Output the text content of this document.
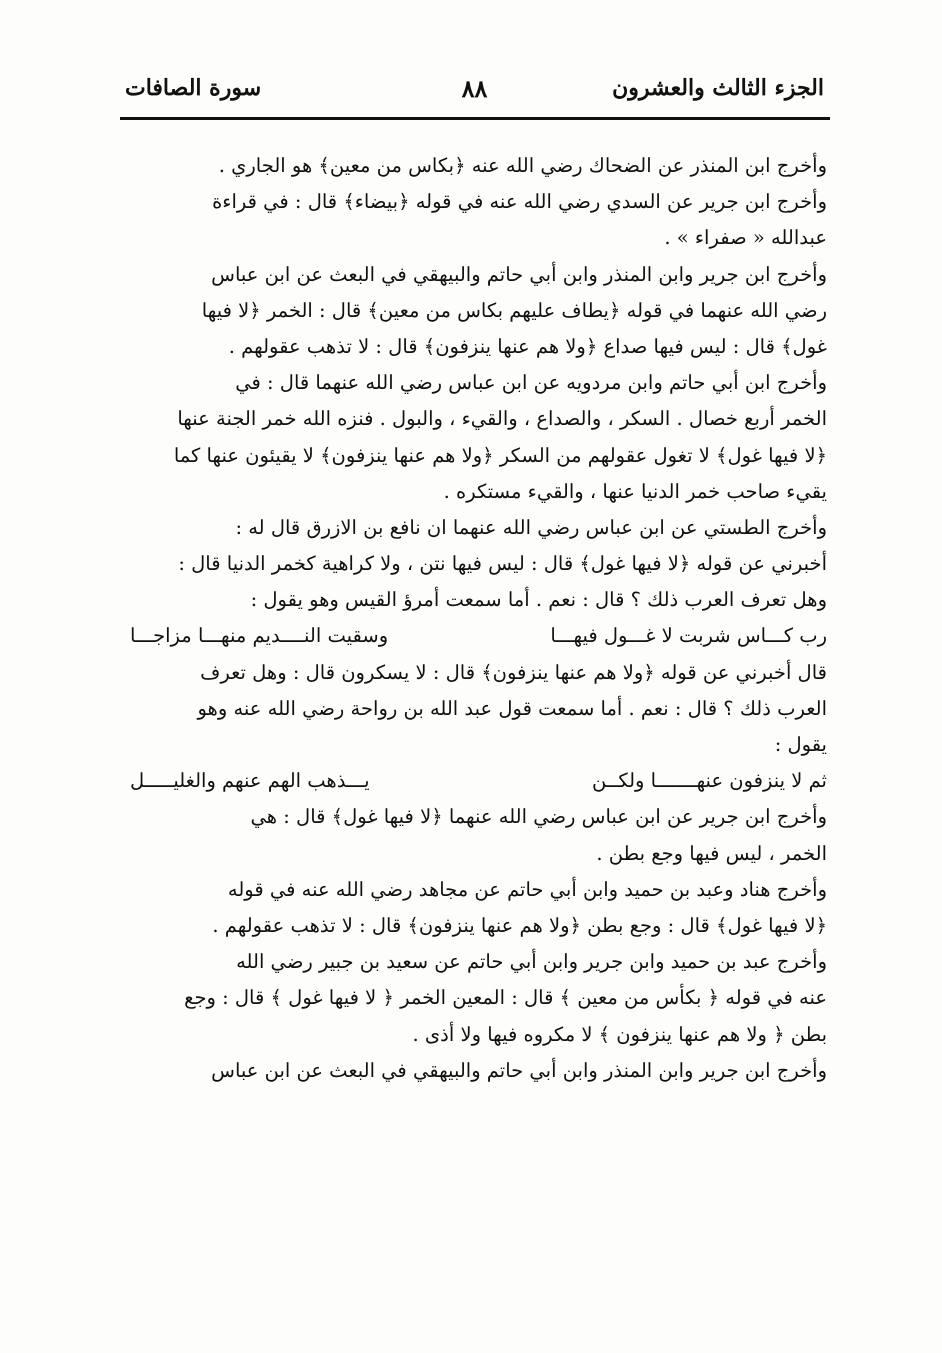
الجزء الثالث والعشرون
٨٨
سورة الصافات
وأخرج ابن المنذر عن الضحاك رضي الله عنه ﴿بكاس من معين﴾ هو الجاري .
وأخرج ابن جرير عن السدي رضي الله عنه في قوله ﴿بيضاء﴾ قال : في قراءة
عبدالله « صفراء » .
وأخرج ابن جرير وابن المنذر وابن أبي حاتم والبيهقي في البعث عن ابن عباس
رضي الله عنهما في قوله ﴿يطاف عليهم بكاس من معين﴾ قال : الخمر ﴿لا فيها
غول﴾ قال : ليس فيها صداع ﴿ولا هم عنها ينزفون﴾ قال : لا تذهب عقولهم .
وأخرج ابن أبي حاتم وابن مردويه عن ابن عباس رضي الله عنهما قال : في
الخمر أربع خصال . السكر ، والصداع ، والقيء ، والبول . فنزه الله خمر الجنة عنها
﴿لا فيها غول﴾ لا تغول عقولهم من السكر ﴿ولا هم عنها ينزفون﴾ لا يقيئون عنها كما
يقيء صاحب خمر الدنيا عنها ، والقيء مستكره .
وأخرج الطستي عن ابن عباس رضي الله عنهما ان نافع بن الازرق قال له :
أخبرني عن قوله ﴿لا فيها غول﴾ قال : ليس فيها نتن ، ولا كراهية كخمر الدنيا قال :
وهل تعرف العرب ذلك ؟ قال : نعم . أما سمعت أمرؤ القيس وهو يقول :
رب كـــاس شربت لا غـــول فيهـــا
وسقيت النــــديم منهـــا مزاجـــا
قال أخبرني عن قوله ﴿ولا هم عنها ينزفون﴾ قال : لا يسكرون قال : وهل تعرف
العرب ذلك ؟ قال : نعم . أما سمعت قول عبد الله بن رواحة رضي الله عنه وهو
يقول :
ثم لا ينزفون عنهـــــــا ولكــن
يـــذهب الهم عنهم والغليـــــل
وأخرج ابن جرير عن ابن عباس رضي الله عنهما ﴿لا فيها غول﴾ قال : هي
الخمر ، ليس فيها وجع بطن .
وأخرج هناد وعبد بن حميد وابن أبي حاتم عن مجاهد رضي الله عنه في قوله
﴿لا فيها غول﴾ قال : وجع بطن ﴿ولا هم عنها ينزفون﴾ قال : لا تذهب عقولهم .
وأخرج عبد بن حميد وابن جرير وابن أبي حاتم عن سعيد بن جبير رضي الله
عنه في قوله ﴿ بكأس من معين ﴾ قال : المعين الخمر ﴿ لا فيها غول ﴾ قال : وجع
بطن ﴿ ولا هم عنها ينزفون ﴾ لا مكروه فيها ولا أذى .
وأخرج ابن جرير وابن المنذر وابن أبي حاتم والبيهقي في البعث عن ابن عباس
